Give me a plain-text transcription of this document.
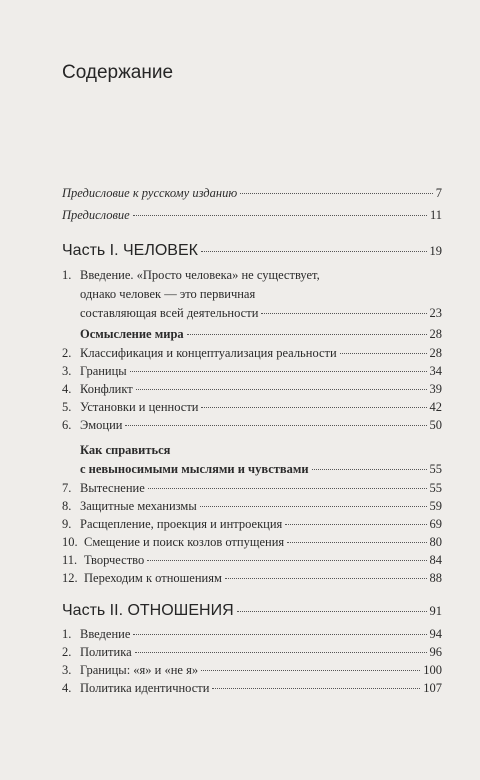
Содержание
Предисловие к русскому изданию	7
Предисловие	11
Часть I. ЧЕЛОВЕК	19
1. Введение. «Просто человека» не существует,
однако человек — это первичная
составляющая всей деятельности	23
Осмысление мира	28
2. Классификация и концептуализация реальности	28
3. Границы	34
4. Конфликт	39
5. Установки и ценности	42
6. Эмоции	50
Как справиться
с невыносимыми мыслями и чувствами	55
7. Вытеснение	55
8. Защитные механизмы	59
9. Расщепление, проекция и интроекция	69
10. Смещение и поиск козлов отпущения	80
11. Творчество	84
12. Переходим к отношениям	88
Часть II. ОТНОШЕНИЯ	91
1. Введение	94
2. Политика	96
3. Границы: «я» и «не я»	100
4. Политика идентичности	107
